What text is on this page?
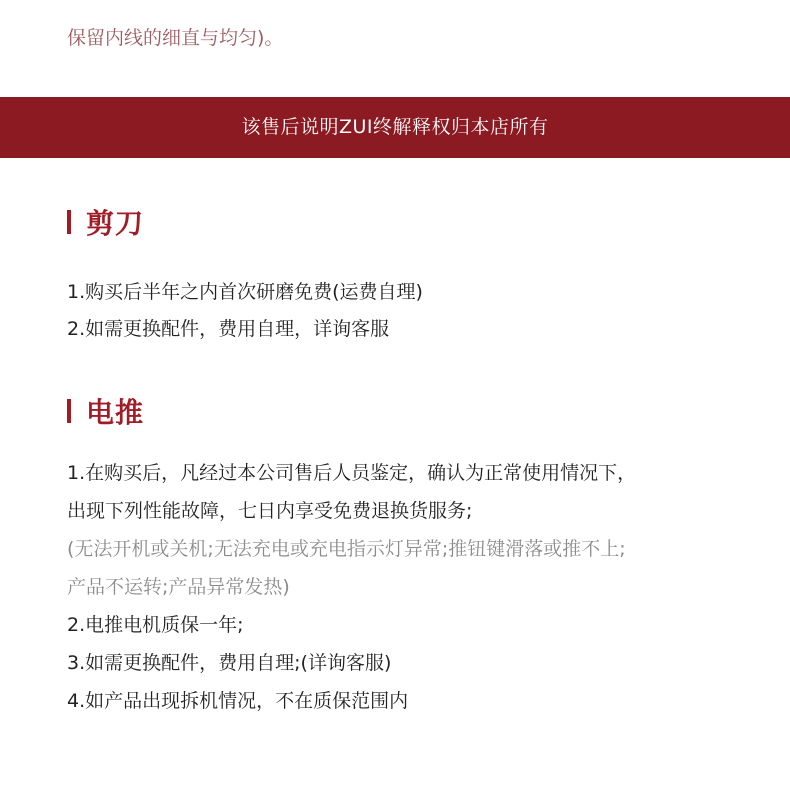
保留内线的细直与均匀)。
该售后说明ZUI终解释权归本店所有
剪刀
1.购买后半年之内首次研磨免费(运费自理)
2.如需更换配件，费用自理，详询客服
电推
1.在购买后，凡经过本公司售后人员鉴定，确认为正常使用情况下，
出现下列性能故障，七日内享受免费退换货服务;
(无法开机或关机;无法充电或充电指示灯异常;推钮键滑落或推不上;
产品不运转;产品异常发热)
2.电推电机质保一年;
3.如需更换配件，费用自理;(详询客服)
4.如产品出现拆机情况，不在质保范围内
